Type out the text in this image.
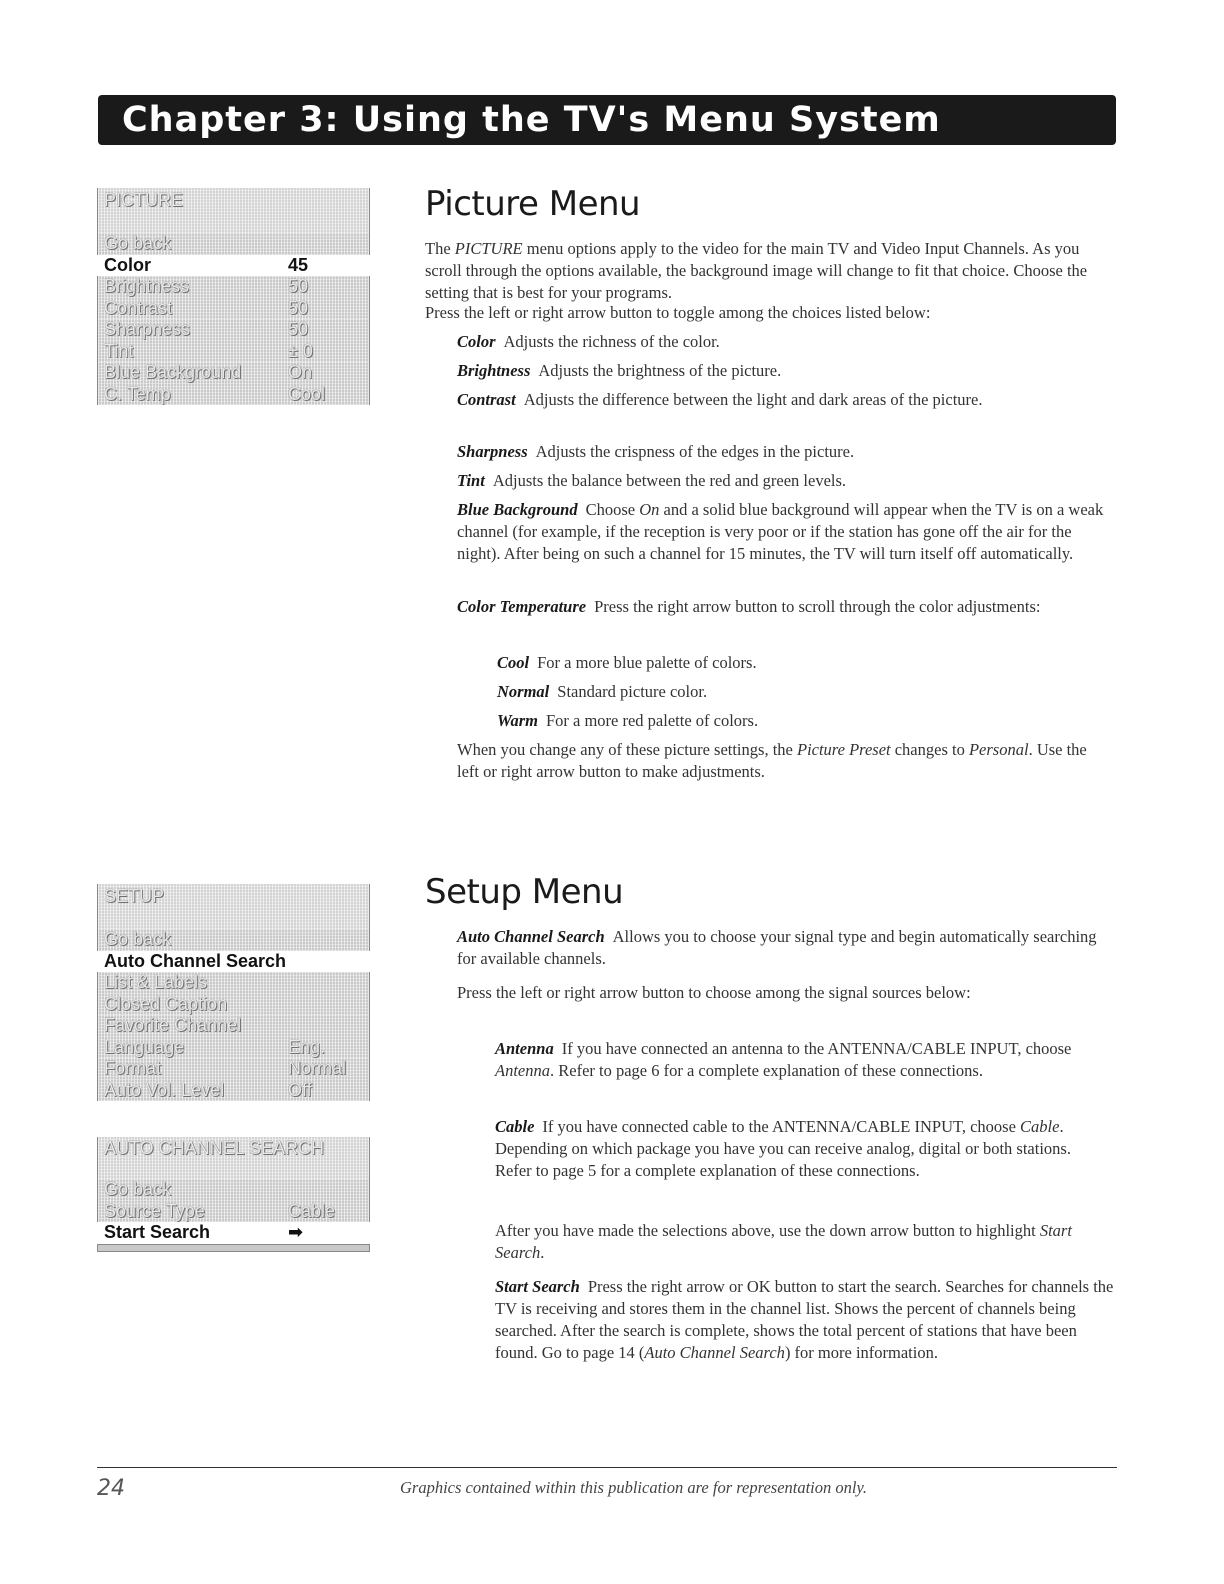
Chapter 3: Using the TV's Menu System
PICTURE
Go back
Color	45
Brightness	50
Contrast	50
Sharpness	50
Tint	± 0
Blue Background	On
C. Temp	Cool
SETUP
Go back
Auto Channel Search
List & Labels
Closed Caption
Favorite Channel
Language	Eng.
Format	Normal
Auto Vol. Level	Off
AUTO CHANNEL SEARCH
Go back
Source Type	Cable
Start Search	➡
Picture Menu

The PICTURE menu options apply to the video for the main TV and Video Input Channels. As you scroll through the options available, the background image will change to fit that choice. Choose the setting that is best for your programs.

Press the left or right arrow button to toggle among the choices listed below:

Color Adjusts the richness of the color.

Brightness Adjusts the brightness of the picture.

Contrast Adjusts the difference between the light and dark areas of the picture.

Sharpness Adjusts the crispness of the edges in the picture.

Tint Adjusts the balance between the red and green levels.

Blue Background Choose On and a solid blue background will appear when the TV is on a weak channel (for example, if the reception is very poor or if the station has gone off the air for the night). After being on such a channel for 15 minutes, the TV will turn itself off automatically.

Color Temperature Press the right arrow button to scroll through the color adjustments:

Cool For a more blue palette of colors.

Normal Standard picture color.

Warm For a more red palette of colors.

When you change any of these picture settings, the Picture Preset changes to Personal. Use the left or right arrow button to make adjustments.

Setup Menu

Auto Channel Search Allows you to choose your signal type and begin automatically searching for available channels.

Press the left or right arrow button to choose among the signal sources below:

Antenna If you have connected an antenna to the ANTENNA/CABLE INPUT, choose Antenna. Refer to page 6 for a complete explanation of these connections.

Cable If you have connected cable to the ANTENNA/CABLE INPUT, choose Cable. Depending on which package you have you can receive analog, digital or both stations. Refer to page 5 for a complete explanation of these connections.

After you have made the selections above, use the down arrow button to highlight Start Search.

Start Search Press the right arrow or OK button to start the search. Searches for channels the TV is receiving and stores them in the channel list. Shows the percent of channels being searched. After the search is complete, shows the total percent of stations that have been found. Go to page 14 (Auto Channel Search) for more information.

24	Graphics contained within this publication are for representation only.
